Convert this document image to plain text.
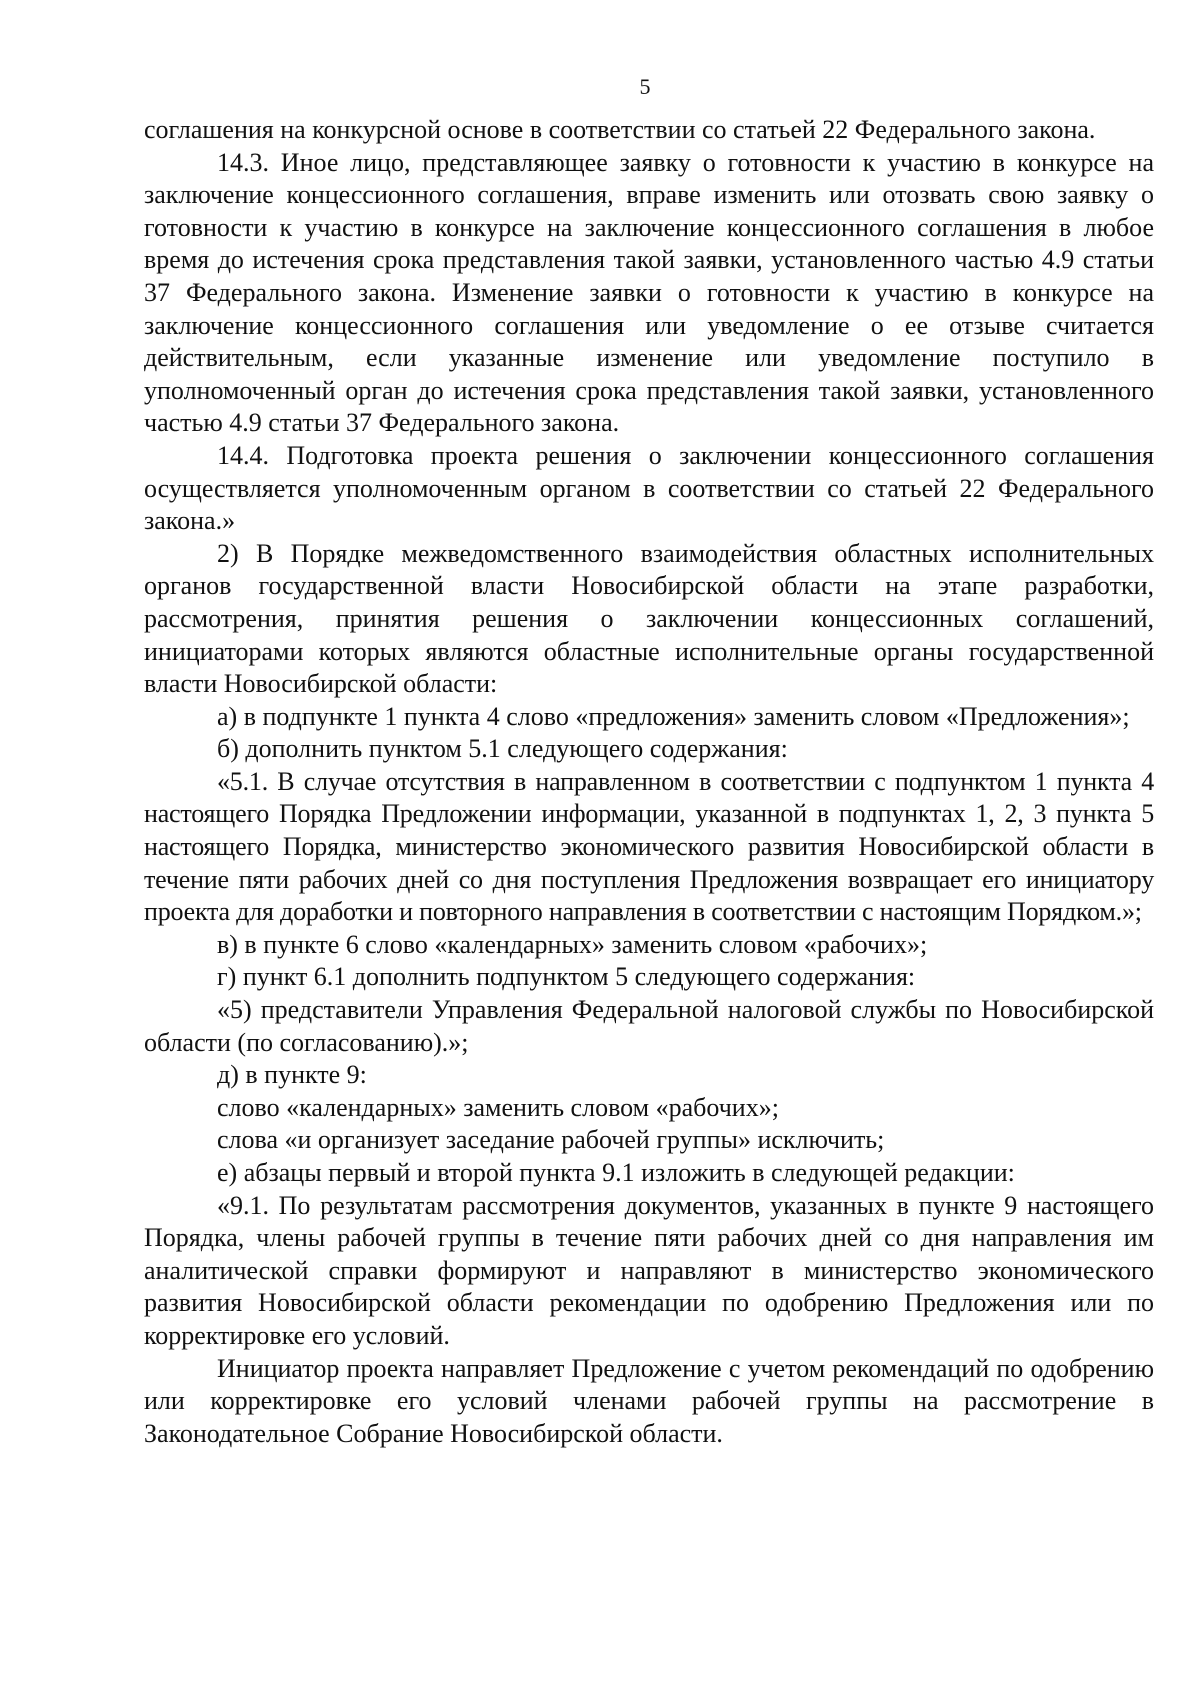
5

соглашения на конкурсной основе в соответствии со статьей 22 Федерального закона.

14.3. Иное лицо, представляющее заявку о готовности к участию в конкурсе на заключение концессионного соглашения, вправе изменить или отозвать свою заявку о готовности к участию в конкурсе на заключение концессионного соглашения в любое время до истечения срока представления такой заявки, установленного частью 4.9 статьи 37 Федерального закона. Изменение заявки о готовности к участию в конкурсе на заключение концессионного соглашения или уведомление о ее отзыве считается действительным, если указанные изменение или уведомление поступило в уполномоченный орган до истечения срока представления такой заявки, установленного частью 4.9 статьи 37 Федерального закона.

14.4. Подготовка проекта решения о заключении концессионного соглашения осуществляется уполномоченным органом в соответствии со статьей 22 Федерального закона.»

2) В Порядке межведомственного взаимодействия областных исполнительных органов государственной власти Новосибирской области на этапе разработки, рассмотрения, принятия решения о заключении концессионных соглашений, инициаторами которых являются областные исполнительные органы государственной власти Новосибирской области:

а) в подпункте 1 пункта 4 слово «предложения» заменить словом «Предложения»;

б) дополнить пунктом 5.1 следующего содержания:

«5.1. В случае отсутствия в направленном в соответствии с подпунктом 1 пункта 4 настоящего Порядка Предложении информации, указанной в подпунктах 1, 2, 3 пункта 5 настоящего Порядка, министерство экономического развития Новосибирской области в течение пяти рабочих дней со дня поступления Предложения возвращает его инициатору проекта для доработки и повторного направления в соответствии с настоящим Порядком.»;

в) в пункте 6 слово «календарных» заменить словом «рабочих»;

г) пункт 6.1 дополнить подпунктом 5 следующего содержания:

«5) представители Управления Федеральной налоговой службы по Новосибирской области (по согласованию).»;

д) в пункте 9:

слово «календарных» заменить словом «рабочих»;

слова «и организует заседание рабочей группы» исключить;

е) абзацы первый и второй пункта 9.1 изложить в следующей редакции:

«9.1. По результатам рассмотрения документов, указанных в пункте 9 настоящего Порядка, члены рабочей группы в течение пяти рабочих дней со дня направления им аналитической справки формируют и направляют в министерство экономического развития Новосибирской области рекомендации по одобрению Предложения или по корректировке его условий.

Инициатор проекта направляет Предложение с учетом рекомендаций по одобрению или корректировке его условий членами рабочей группы на рассмотрение в Законодательное Собрание Новосибирской области.
